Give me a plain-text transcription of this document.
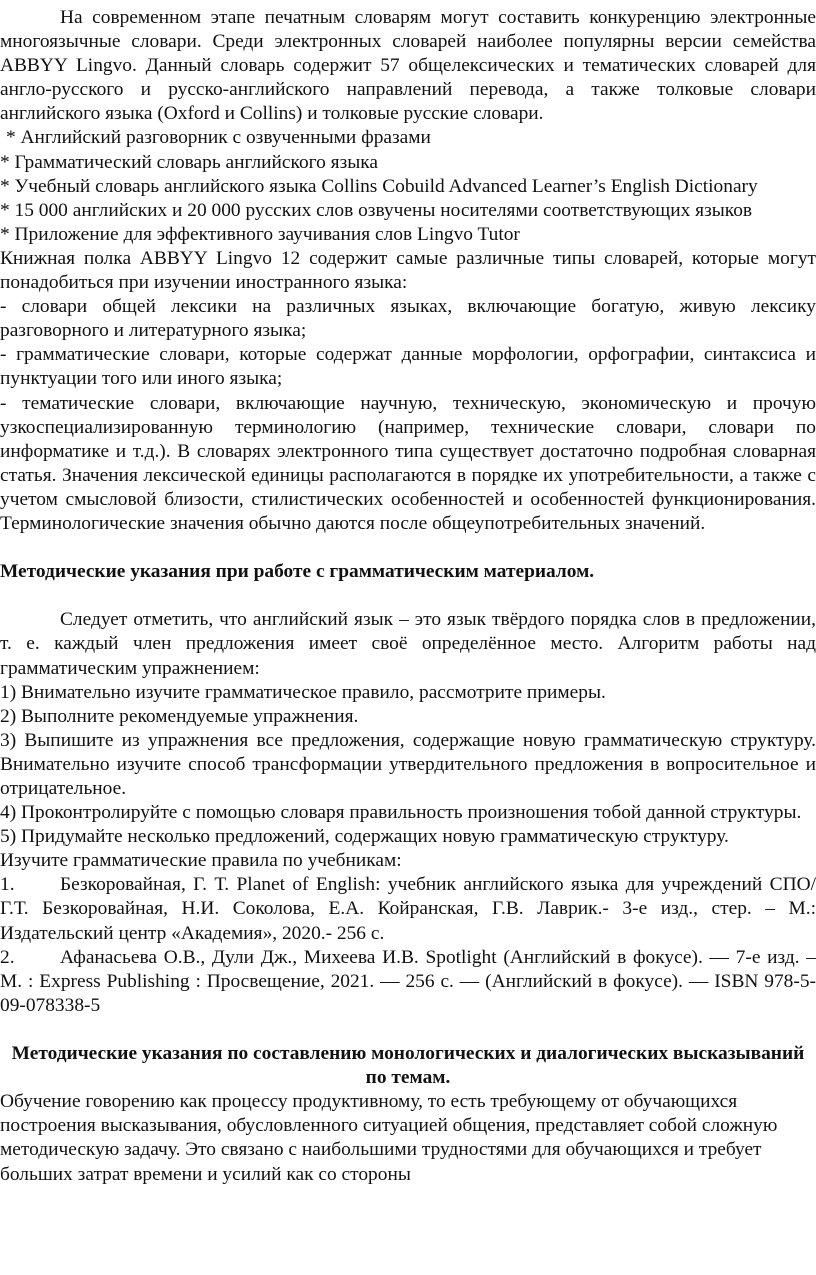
На современном этапе печатным словарям могут составить конкуренцию электронные многоязычные словари. Среди электронных словарей наиболее популярны версии семейства ABBYY Lingvo. Данный словарь содержит 57 общелексических и тематических словарей для англо-русского и русско-английского направлений перевода, а также толковые словари английского языка (Oxford и Collins) и толковые русские словари.

* Английский разговорник с озвученными фразами

* Грамматический словарь английского языка

* Учебный словарь английского языка Collins Cobuild Advanced Learner’s English Dictionary

* 15 000 английских и 20 000 русских слов озвучены носителями соответствующих языков

* Приложение для эффективного заучивания слов Lingvo Tutor

Книжная полка ABBYY Lingvo 12 содержит самые различные типы словарей, которые могут понадобиться при изучении иностранного языка:

- словари общей лексики на различных языках, включающие богатую, живую лексику разговорного и литературного языка;

- грамматические словари, которые содержат данные морфологии, орфографии, синтаксиса и пунктуации того или иного языка;

- тематические словари, включающие научную, техническую, экономическую и прочую узкоспециализированную терминологию (например, технические словари, словари по информатике и т.д.). В словарях электронного типа существует достаточно подробная словарная статья. Значения лексической единицы располагаются в порядке их употребительности, а также с учетом смысловой близости, стилистических особенностей и особенностей функционирования. Терминологические значения обычно даются после общеупотребительных значений.

Методические указания при работе с грамматическим материалом.

Следует отметить, что английский язык – это язык твёрдого порядка слов в предложении, т. е. каждый член предложения имеет своё определённое место. Алгоритм работы над грамматическим упражнением:

1) Внимательно изучите грамматическое правило, рассмотрите примеры.

2) Выполните рекомендуемые упражнения.

3) Выпишите из упражнения все предложения, содержащие новую грамматическую структуру. Внимательно изучите способ трансформации утвердительного предложения в вопросительное и отрицательное.

4) Проконтролируйте с помощью словаря правильность произношения тобой данной структуры.

5) Придумайте несколько предложений, содержащих новую грамматическую структуру.

Изучите грамматические правила по учебникам:

1. Безкоровайная, Г. Т. Planet of English: учебник английского языка для учреждений СПО/ Г.Т. Безкоровайная, Н.И. Соколова, Е.А. Койранская, Г.В. Лаврик.- 3-е изд., стер. – М.: Издательский центр «Академия», 2020.- 256 с.

2. Афанасьева О.В., Дули Дж., Михеева И.В. Spotlight (Английский в фокусе). — 7-е изд. – М. : Express Publishing : Просвещение, 2021. — 256 с. — (Английский в фокусе). — ISBN 978-5- 09-078338-5

Методические указания по составлению монологических и диалогических высказываний по темам.

Обучение говорению как процессу продуктивному, то есть требующему от обучающихся построения высказывания, обусловленного ситуацией общения, представляет собой сложную методическую задачу. Это связано с наибольшими трудностями для обучающихся и требует больших затрат времени и усилий как со стороны
